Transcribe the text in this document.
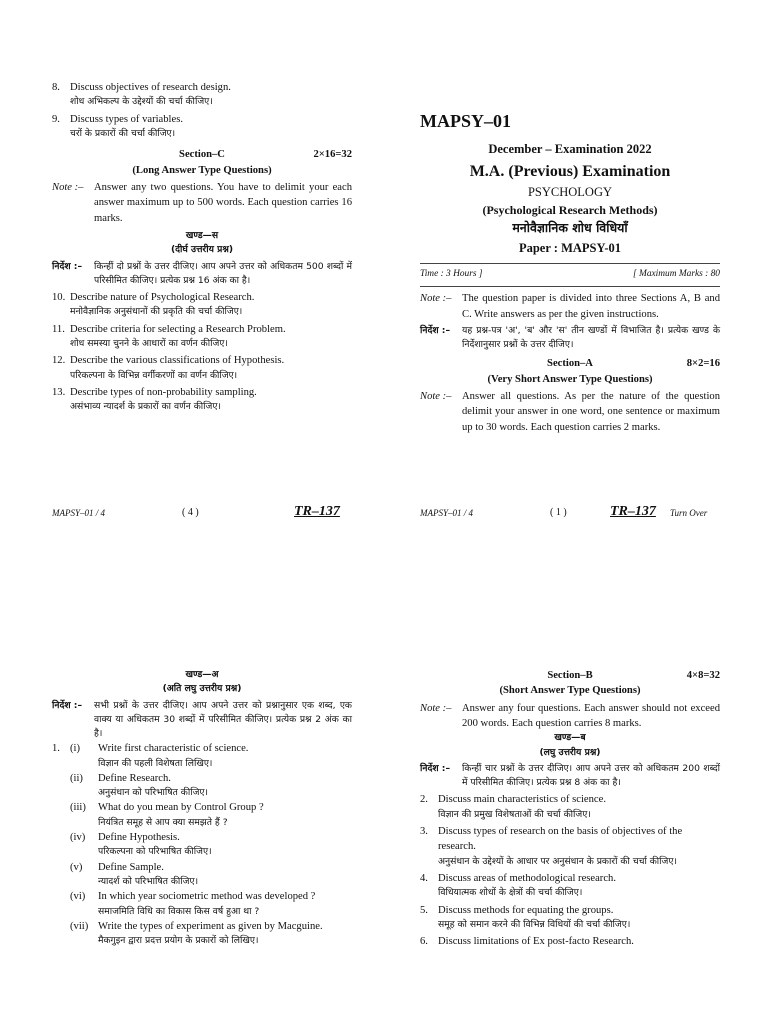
8. Discuss objectives of research design.
शोध अभिकल्प के उद्देश्यों की चर्चा कीजिए।
9. Discuss types of variables.
चरों के प्रकारों की चर्चा कीजिए।
Section–C	2×16=32
(Long Answer Type Questions)
Note :– Answer any two questions. You have to delimit your each answer maximum up to 500 words. Each question carries 16 marks.
खण्ड—स
(दीर्घ उत्तरीय प्रश्न)
निर्देश :– किन्हीं दो प्रश्नों के उत्तर दीजिए। आप अपने उत्तर को अधिकतम 500 शब्दों में परिसीमित कीजिए। प्रत्येक प्रश्न 16 अंक का है।
10. Describe nature of Psychological Research.
मनोवैज्ञानिक अनुसंधानों की प्रकृति की चर्चा कीजिए।
11. Describe criteria for selecting a Research Problem.
शोध समस्या चुनने के आधारों का वर्णन कीजिए।
12. Describe the various classifications of Hypothesis.
परिकल्पना के विभिन्न वर्गीकरणों का वर्णन कीजिए।
13. Describe types of non-probability sampling.
असंभाव्य न्यादर्श के प्रकारों का वर्णन कीजिए।
MAPSY–01 / 4	( 4 )	TR–137
MAPSY–01
December – Examination 2022
M.A. (Previous) Examination
PSYCHOLOGY
(Psychological Research Methods)
मनोवैज्ञानिक शोध विधियाँ
Paper : MAPSY-01
Time : 3 Hours ]	[ Maximum Marks : 80
Note :– The question paper is divided into three Sections A, B and C. Write answers as per the given instructions.
निर्देश :– यह प्रश्न-पत्र 'अ', 'ब' और 'स' तीन खण्डों में विभाजित है। प्रत्येक खण्ड के निर्देशानुसार प्रश्नों के उत्तर दीजिए।
Section–A	8×2=16
(Very Short Answer Type Questions)
Note :– Answer all questions. As per the nature of the question delimit your answer in one word, one sentence or maximum up to 30 words. Each question carries 2 marks.
MAPSY–01 / 4	( 1 )	TR–137 Turn Over
खण्ड—अ
(अति लघु उत्तरीय प्रश्न)
निर्देश :– सभी प्रश्नों के उत्तर दीजिए। आप अपने उत्तर को प्रश्नानुसार एक शब्द, एक वाक्य या अधिकतम 30 शब्दों में परिसीमित कीजिए। प्रत्येक प्रश्न 2 अंक का है।
1. (i) Write first characteristic of science.
विज्ञान की पहली विशेषता लिखिए।
(ii) Define Research.
अनुसंधान को परिभाषित कीजिए।
(iii) What do you mean by Control Group ?
नियंत्रित समूह से आप क्या समझते हैं ?
(iv) Define Hypothesis.
परिकल्पना को परिभाषित कीजिए।
(v) Define Sample.
न्यादर्श को परिभाषित कीजिए।
(vi) In which year sociometric method was developed ?
समाजमिति विधि का विकास किस वर्ष हुआ था ?
(vii) Write the types of experiment as given by Macguine.
मैकगुइन द्वारा प्रदत्त प्रयोग के प्रकारों को लिखिए।
Section–B	4×8=32
(Short Answer Type Questions)
Note :– Answer any four questions. Each answer should not exceed 200 words. Each question carries 8 marks.
खण्ड—ब
(लघु उत्तरीय प्रश्न)
निर्देश :– किन्हीं चार प्रश्नों के उत्तर दीजिए। आप अपने उत्तर को अधिकतम 200 शब्दों में परिसीमित कीजिए। प्रत्येक प्रश्न 8 अंक का है।
2. Discuss main characteristics of science.
विज्ञान की प्रमुख विशेषताओं की चर्चा कीजिए।
3. Discuss types of research on the basis of objectives of the research.
अनुसंधान के उद्देश्यों के आधार पर अनुसंधान के प्रकारों की चर्चा कीजिए।
4. Discuss areas of methodological research.
विधियात्मक शोधों के क्षेत्रों की चर्चा कीजिए।
5. Discuss methods for equating the groups.
समूह को समान करने की विभिन्न विधियों की चर्चा कीजिए।
6. Discuss limitations of Ex post-facto Research.
